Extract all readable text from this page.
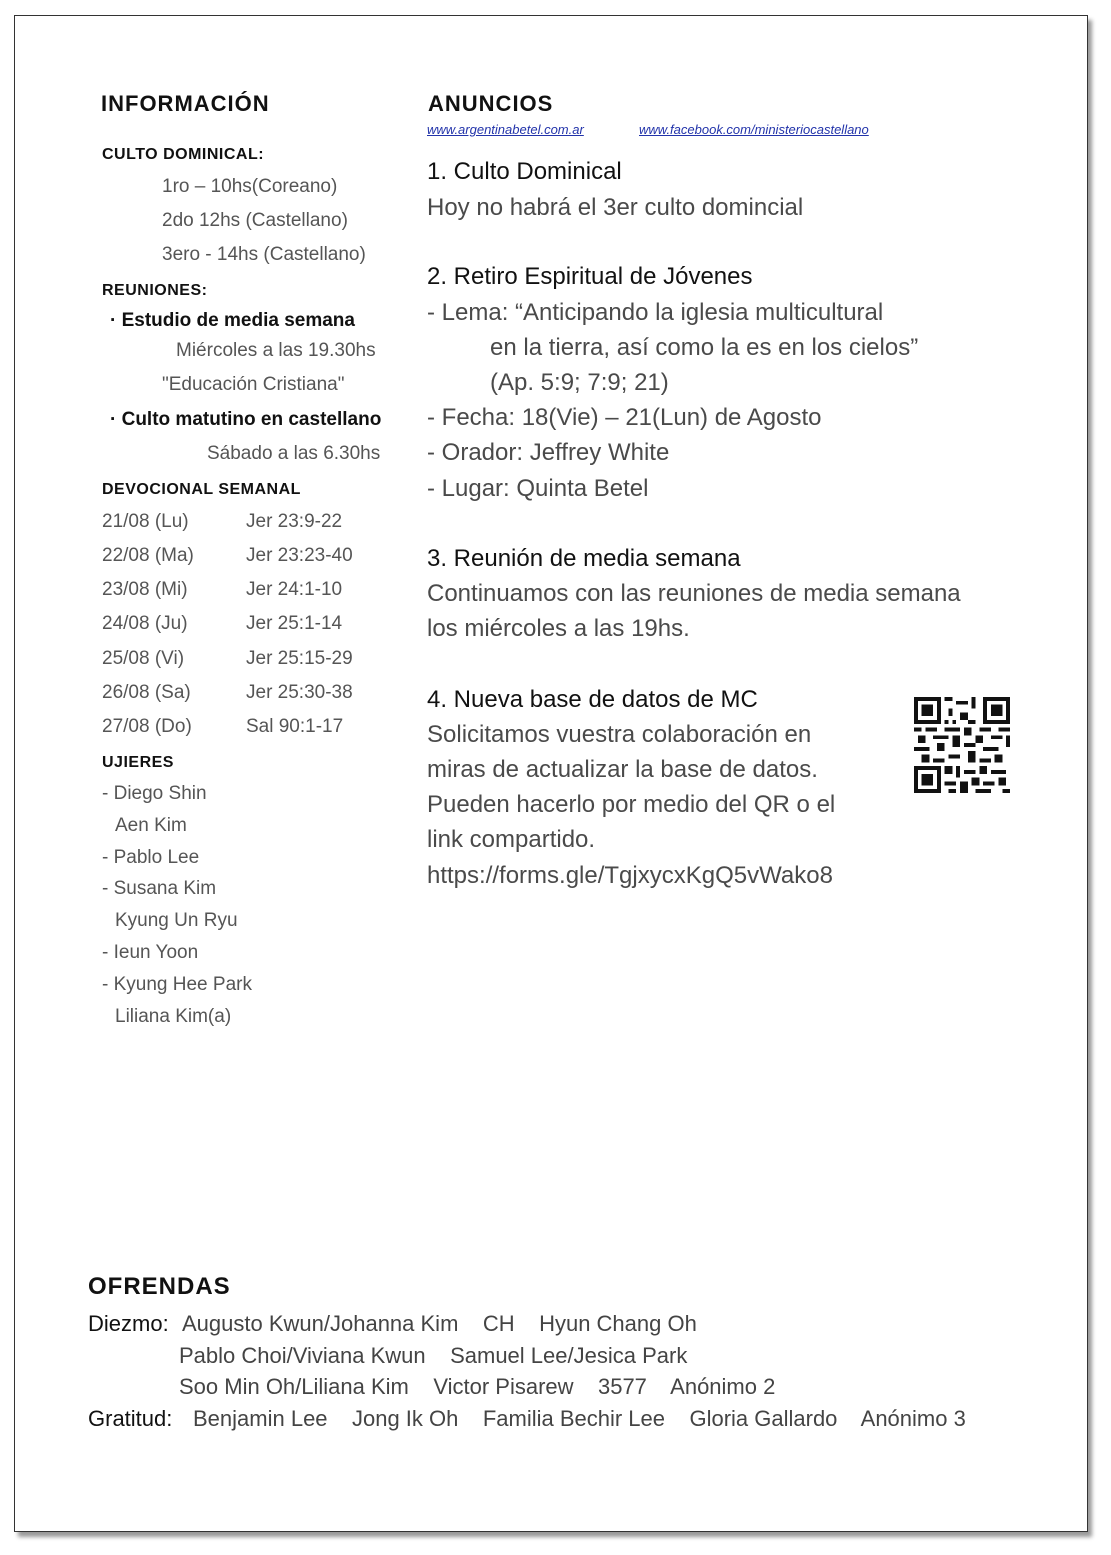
INFORMACIÓN
CULTO DOMINICAL:
1ro – 10hs(Coreano)
2do 12hs (Castellano)
3ero - 14hs (Castellano)
REUNIONES:
· Estudio de media semana
Miércoles a las 19.30hs
"Educación Cristiana"
· Culto matutino en castellano
Sábado a las 6.30hs
DEVOCIONAL SEMANAL
21/08 (Lu)	Jer 23:9-22
22/08 (Ma)	Jer 23:23-40
23/08 (Mi)	Jer 24:1-10
24/08 (Ju)	Jer 25:1-14
25/08 (Vi)	Jer 25:15-29
26/08 (Sa)	Jer 25:30-38
27/08 (Do)	Sal 90:1-17
UJIERES
- Diego Shin
Aen Kim
- Pablo Lee
- Susana Kim
Kyung Un Ryu
- Ieun Yoon
- Kyung Hee Park
Liliana Kim(a)
ANUNCIOS
www.argentinabetel.com.ar	www.facebook.com/ministeriocastellano
1. Culto Dominical
Hoy no habrá el 3er culto domincial
2. Retiro Espiritual de Jóvenes
- Lema: “Anticipando la iglesia multicultural
en la tierra, así como la es en los cielos”
(Ap. 5:9; 7:9; 21)
- Fecha: 18(Vie) – 21(Lun) de Agosto
- Orador: Jeffrey White
- Lugar: Quinta Betel
3. Reunión de media semana
Continuamos con las reuniones de media semana
los miércoles a las 19hs.
4. Nueva base de datos de MC
Solicitamos vuestra colaboración en
miras de actualizar la base de datos.
Pueden hacerlo por medio del QR o el
link compartido.
https://forms.gle/TgjxycxKgQ5vWako8
OFRENDAS
Diezmo: Augusto Kwun/Johanna Kim    CH    Hyun Chang Oh
Pablo Choi/Viviana Kwun    Samuel Lee/Jesica Park
Soo Min Oh/Liliana Kim    Victor Pisarew    3577    Anónimo 2
Gratitud: Benjamin Lee    Jong Ik Oh    Familia Bechir Lee    Gloria Gallardo    Anónimo 3
